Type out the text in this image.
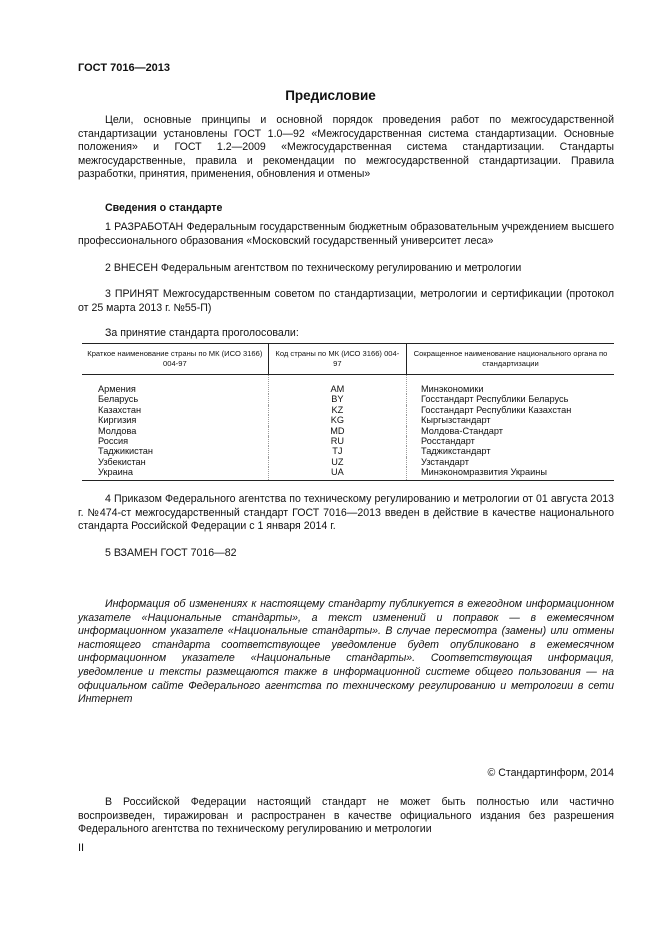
ГОСТ 7016—2013
Предисловие
Цели, основные принципы и основной порядок проведения работ по межгосударственной стандартизации установлены ГОСТ 1.0—92 «Межгосударственная система стандартизации. Основные положения» и ГОСТ 1.2—2009 «Межгосударственная система стандартизации. Стандарты межгосударственные, правила и рекомендации по межгосударственной стандартизации. Правила разработки, принятия, применения, обновления и отмены»
Сведения о стандарте
1 РАЗРАБОТАН Федеральным государственным бюджетным образовательным учреждением высшего профессионального образования «Московский государственный университет леса»
2 ВНЕСЕН Федеральным агентством по техническому регулированию и метрологии
3 ПРИНЯТ Межгосударственным советом по стандартизации, метрологии и сертификации (протокол от 25 марта 2013 г. №55-П)
За принятие стандарта проголосовали:
Краткое наименование страны по МК (ИСО 3166) 004-97	Код страны по МК (ИСО 3166) 004-97	Сокращенное наименование национального органа по стандартизации
Армения	AM	Минэкономики
Беларусь	BY	Госстандарт Республики Беларусь
Казахстан	KZ	Госстандарт Республики Казахстан
Киргизия	KG	Кыргызстандарт
Молдова	MD	Молдова-Стандарт
Россия	RU	Росстандарт
Таджикистан	TJ	Таджикстандарт
Узбекистан	UZ	Узстандарт
Украина	UA	Минэкономразвития Украины
4 Приказом Федерального агентства по техническому регулированию и метрологии от 01 августа 2013 г. №474-ст межгосударственный стандарт ГОСТ 7016—2013 введен в действие в качестве национального стандарта Российской Федерации с 1 января 2014 г.
5 ВЗАМЕН ГОСТ 7016—82
Информация об изменениях к настоящему стандарту публикуется в ежегодном информационном указателе «Национальные стандарты», а текст изменений и поправок — в ежемесячном информационном указателе «Национальные стандарты». В случае пересмотра (замены) или отмены настоящего стандарта соответствующее уведомление будет опубликовано в ежемесячном информационном указателе «Национальные стандарты». Соответствующая информация, уведомление и тексты размещаются также в информационной системе общего пользования — на официальном сайте Федерального агентства по техническому регулированию и метрологии в сети Интернет
© Стандартинформ, 2014
В Российской Федерации настоящий стандарт не может быть полностью или частично воспроизведен, тиражирован и распространен в качестве официального издания без разрешения Федерального агентства по техническому регулированию и метрологии
II
